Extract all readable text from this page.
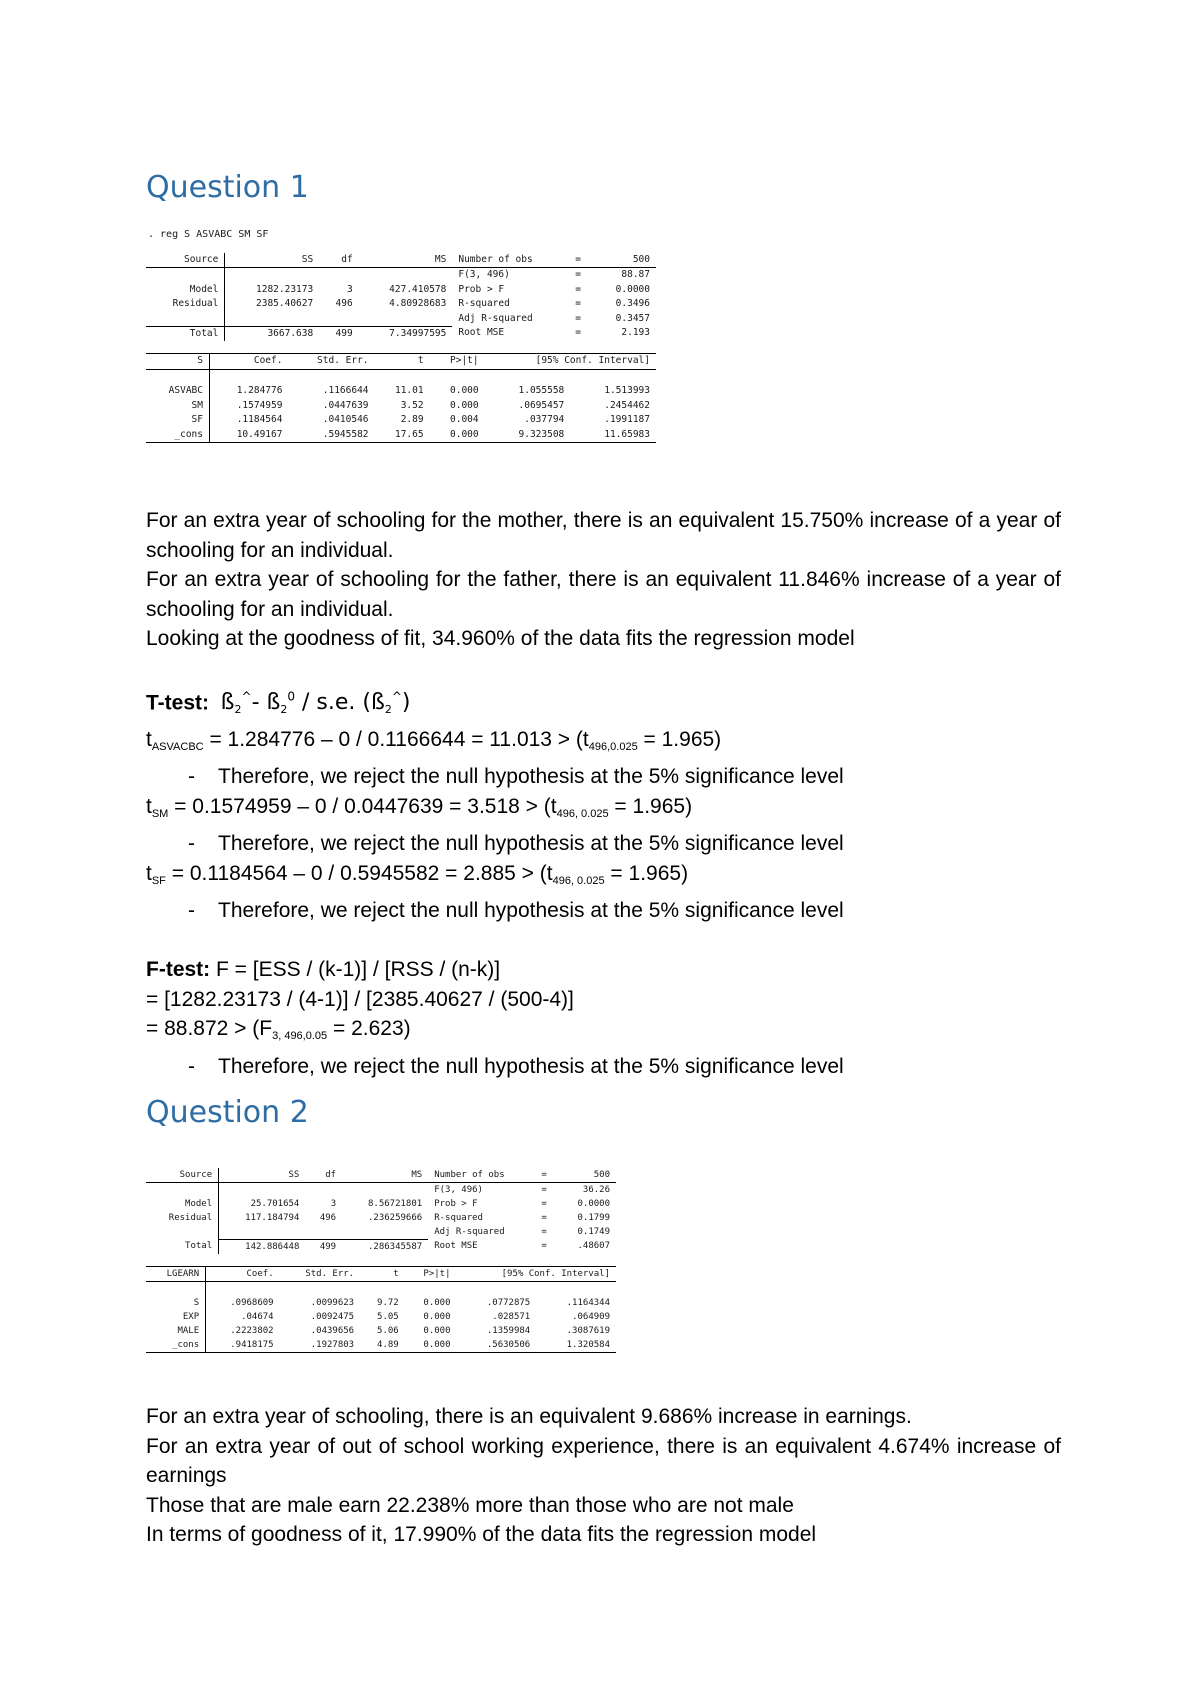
Question 1
. reg S ASVABC SM SF
Source	SS	df	MS	Number of obs	=	500
				F(3, 496)	=	88.87
Model	1282.23173	3	427.410578	Prob > F	=	0.0000
Residual	2385.40627	496	4.80928683	R-squared	=	0.3496
				Adj R-squared	=	0.3457
Total	3667.638	499	7.34997595	Root MSE	=	2.193
S	Coef.	Std. Err.	t	P>|t|	[95% Conf. Interval]	

ASVABC	1.284776	.1166644	11.01	0.000	1.055558	1.513993
SM	.1574959	.0447639	3.52	0.000	.0695457	.2454462
SF	.1184564	.0410546	2.89	0.004	.037794	.1991187
_cons	10.49167	.5945582	17.65	0.000	9.323508	11.65983

For an extra year of schooling for the mother, there is an equivalent 15.750% increase of a year of schooling for an individual.

For an extra year of schooling for the father, there is an equivalent 11.846% increase of a year of schooling for an individual.

Looking at the goodness of fit, 34.960% of the data fits the regression model

T-test: $ß_2^{\^{}}-$ $ß_2^0 / s.e$. $(ß_2^{\^{}})$

$t_{ASVACBC} = 1.284776 - 0 / 0.1166644 = 11.013 > (t_{496,0.025} = 1.965)$

- Therefore, we reject the null hypothesis at the 5% significance level

$t_{SM} = 0.1574959 - 0 / 0.0447639 = 3.518 > (t_{496, 0.025} = 1.965)$

- Therefore, we reject the null hypothesis at the 5% significance level

$t_{SF} = 0.1184564 - 0 / 0.5945582 = 2.885 > (t_{496, 0.025} = 1.965)$

- Therefore, we reject the null hypothesis at the 5% significance level

F-test: F = [ESS / (k-1)] / [RSS / (n-k)]

= [1282.23173 / (4-1)] / [2385.40627 / (500-4)]

= $88.872 > (F_{3, 496,0.05} = 2.623)$

- Therefore, we reject the null hypothesis at the 5% significance level

Question 2
Source	SS	df	MS	Number of obs	=	500
				F(3, 496)	=	36.26
Model	25.701654	3	8.56721801	Prob > F	=	0.0000
Residual	117.184794	496	.236259666	R-squared	=	0.1799
				Adj R-squared	=	0.1749
Total	142.886448	499	.286345587	Root MSE	=	.48607
LGEARN	Coef.	Std. Err.	t	P>|t|	[95% Conf. Interval]	

S	.0968609	.0099623	9.72	0.000	.0772875	.1164344
EXP	.04674	.0092475	5.05	0.000	.028571	.064909
MALE	.2223802	.0439656	5.06	0.000	.1359984	.3087619
_cons	.9418175	.1927803	4.89	0.000	.5630506	1.320584

For an extra year of schooling, there is an equivalent 9.686% increase in earnings.

For an extra year of out of school working experience, there is an equivalent 4.674% increase of earnings

Those that are male earn 22.238% more than those who are not male

In terms of goodness of it, 17.990% of the data fits the regression model
